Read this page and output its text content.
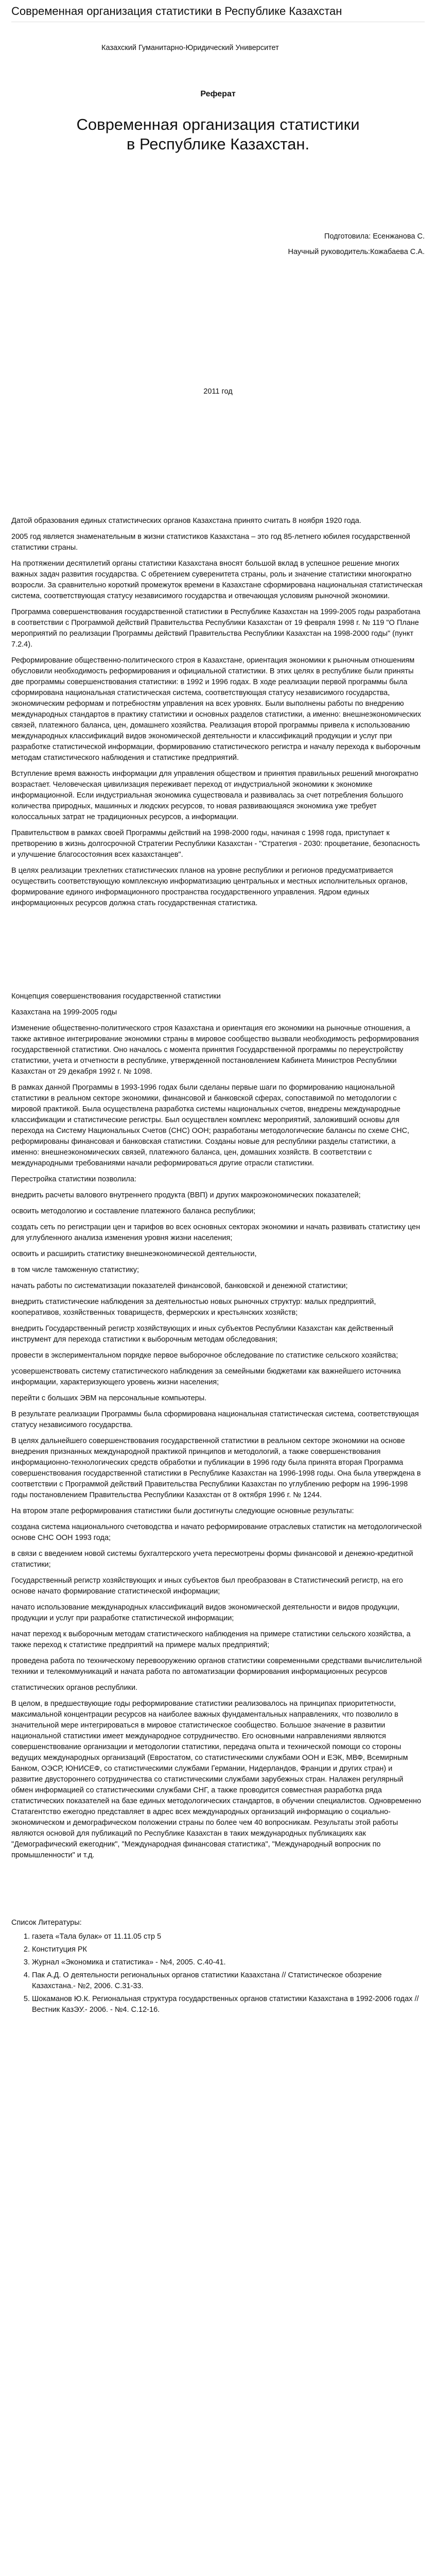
Современная организация статистики в Республике Казахстан
Казахский Гуманитарно-Юридический Университет
Реферат
Современная организация статистики
в Республике Казахстан.
Подготовила: Есенжанова С.
Научный руководитель:Кожабаева С.А.
2011 год

Датой образования единых статистических органов Казахстана принято считать 8 ноября 1920 года.

2005 год является знаменательным в жизни статистиков Казахстана – это год 85-летнего юбилея государственной статистики страны.

На протяжении десятилетий органы статистики Казахстана вносят большой вклад в успешное решение многих важных задач развития государства. С обретением суверенитета страны, роль и значение статистики многократно возросли. За сравнительно короткий промежуток времени в Казахстане сформирована национальная статистическая система, соответствующая статусу независимого государства и отвечающая условиям рыночной экономики.

Программа совершенствования государственной статистики в Республике Казахстан на 1999-2005 годы разработана в соответствии с Программой действий Правительства Республики Казахстан от 19 февраля 1998 г. № 119 "О Плане мероприятий по реализации Программы действий Правительства Республики Казахстан на 1998-2000 годы" (пункт 7.2.4).

Реформирование общественно-политического строя в Казахстане, ориентация экономики к рыночным отношениям обусловили необходимость реформирования и официальной статистики. В этих целях в республике были приняты две программы совершенствования статистики: в 1992 и 1996 годах. В ходе реализации первой программы была сформирована национальная статистическая система, соответствующая статусу независимого государства, экономическим реформам и потребностям управления на всех уровнях. Были выполнены работы по внедрению международных стандартов в практику статистики и основных разделов статистики, а именно: внешнеэкономических связей, платежного баланса, цен, домашнего хозяйства. Реализация второй программы привела к использованию международных классификаций видов экономической деятельности и классификаций продукции и услуг при разработке статистической информации, формированию статистического регистра и началу перехода к выборочным методам статистического наблюдения и статистике предприятий.

Вступление время важность информации для управления обществом и принятия правильных решений многократно возрастает. Человеческая цивилизация переживает переход от индустриальной экономики к экономике информационной. Если индустриальная экономика существовала и развивалась за счет потребления большого количества природных, машинных и людских ресурсов, то новая развивающаяся экономика уже требует колоссальных затрат не традиционных ресурсов, а информации.

Правительством в рамках своей Программы действий на 1998-2000 годы, начиная с 1998 года, приступает к претворению в жизнь долгосрочной Стратегии Республики Казахстан - "Стратегия - 2030: процветание, безопасность и улучшение благосостояния всех казахстанцев".

В целях реализации трехлетних статистических планов на уровне республики и регионов предусматривается осуществить соответствующую комплексную информатизацию центральных и местных исполнительных органов, формирование единого информационного пространства государственного управления. Ядром единых информационных ресурсов должна стать государственная статистика.

Концепция совершенствования государственной статистики

Казахстана на 1999-2005 годы

Изменение общественно-политического строя Казахстана и ориентация его экономики на рыночные отношения, а также активное интегрирование экономики страны в мировое сообщество вызвали необходимость реформирования государственной статистики. Оно началось с момента принятия Государственной программы по переустройству статистики, учета и отчетности в республике, утвержденной постановлением Кабинета Министров Республики Казахстан от 29 декабря 1992 г. № 1098.

В рамках данной Программы в 1993-1996 годах были сделаны первые шаги по формированию национальной статистики в реальном секторе экономики, финансовой и банковской сферах, сопоставимой по методологии с мировой практикой. Была осуществлена разработка системы национальных счетов, внедрены международные классификации и статистические регистры. Был осуществлен комплекс мероприятий, заложивший основы для перехода на Систему Национальных Счетов (СНС) ООН; разработаны методологические балансы по схеме СНС, реформированы финансовая и банковская статистики. Созданы новые для республики разделы статистики, а именно: внешнеэкономических связей, платежного баланса, цен, домашних хозяйств. В соответствии с международными требованиями начали реформироваться другие отрасли статистики.

Перестройка статистики позволила:

внедрить расчеты валового внутреннего продукта (ВВП) и других макроэкономических показателей;

освоить методологию и составление платежного баланса республики;

создать сеть по регистрации цен и тарифов во всех основных секторах экономики и начать развивать статистику цен для углубленного анализа изменения уровня жизни населения;

освоить и расширить статистику внешнеэкономической деятельности,

в том числе таможенную статистику;

начать работы по систематизации показателей финансовой, банковской и денежной статистики;

внедрить статистические наблюдения за деятельностью новых рыночных структур: малых предприятий, кооперативов, хозяйственных товариществ, фермерских и крестьянских хозяйств;

внедрить Государственный регистр хозяйствующих и иных субъектов Республики Казахстан как действенный инструмент для перехода статистики к выборочным методам обследования;

провести в экспериментальном порядке первое выборочное обследование по статистике сельского хозяйства;

усовершенствовать систему статистического наблюдения за семейными бюджетами как важнейшего источника информации, характеризующего уровень жизни населения;

перейти с больших ЭВМ на персональные компьютеры.

В результате реализации Программы была сформирована национальная статистическая система, соответствующая статусу независимого государства.

В целях дальнейшего совершенствования государственной статистики в реальном секторе экономики на основе внедрения признанных международной практикой принципов и методологий, а также совершенствования информационно-технологических средств обработки и публикации в 1996 году была принята вторая Программа совершенствования государственной статистики в Республике Казахстан на 1996-1998 годы. Она была утверждена в соответствии с Программой действий Правительства Республики Казахстан по углублению реформ на 1996-1998 годы постановлением Правительства Республики Казахстан от 8 октября 1996 г. № 1244.

На втором этапе реформирования статистики были достигнуты следующие основные результаты:

создана система национального счетоводства и начато реформирование отраслевых статистик на методологической основе СНС ООН 1993 года;

в связи с введением новой системы бухгалтерского учета пересмотрены формы финансовой и денежно-кредитной статистики;

Государственный регистр хозяйствующих и иных субъектов был преобразован в Статистический регистр, на его основе начато формирование статистической информации;

начато использование международных классификаций видов экономической деятельности и видов продукции, продукции и услуг при разработке статистической информации;

начат переход к выборочным методам статистического наблюдения на примере статистики сельского хозяйства, а также переход к статистике предприятий на примере малых предприятий;

проведена работа по техническому перевооружению органов статистики современными средствами вычислительной техники и телекоммуникаций и начата работа по автоматизации формирования информационных ресурсов

статистических органов республики.

В целом, в предшествующие годы реформирование статистики реализовалось на принципах приоритетности, максимальной концентрации ресурсов на наиболее важных фундаментальных направлениях, что позволило в значительной мере интегрироваться в мировое статистическое сообщество. Большое значение в развитии национальной статистики имеет международное сотрудничество. Его основными направлениями являются совершенствование организации и методологии статистики, передача опыта и технической помощи со стороны ведущих международных организаций (Евростатом, со статистическими службами ООН и ЕЭК, МВФ, Всемирным Банком, ОЭСР, ЮНИСЕФ, со статистическими службами Германии, Нидерландов, Франции и других стран) и развитие двустороннего сотрудничества со статистическими службами зарубежных стран. Налажен регулярный обмен информацией со статистическими службами СНГ, а также проводится совместная разработка ряда статистических показателей на базе единых методологических стандартов, в обучении специалистов. Одновременно Статагентство ежегодно представляет в адрес всех международных организаций информацию о социально-экономическом и демографическом положении страны по более чем 40 вопросникам. Результаты этой работы являются основой для публикаций по Республике Казахстан в таких международных публикациях как "Демографический ежегодник", "Международная финансовая статистика", "Международный вопросник по промышленности" и т.д.

Список Литературы:
1. газета «Тала булак» от 11.11.05 стр 5
2. Конституция РК
3. Журнал «Экономика и статистика» - №4, 2005. С.40-41.
4. Пак А.Д. О деятельности региональных органов статистики Казахстана // Статистическое обозрение Казахстана.- №2, 2006. С.31-33.
5. Шокаманов Ю.К. Региональная структура государственных органов статистики Казахстана в 1992-2006 годах // Вестник КазЭУ.- 2006. - №4. С.12-16.
